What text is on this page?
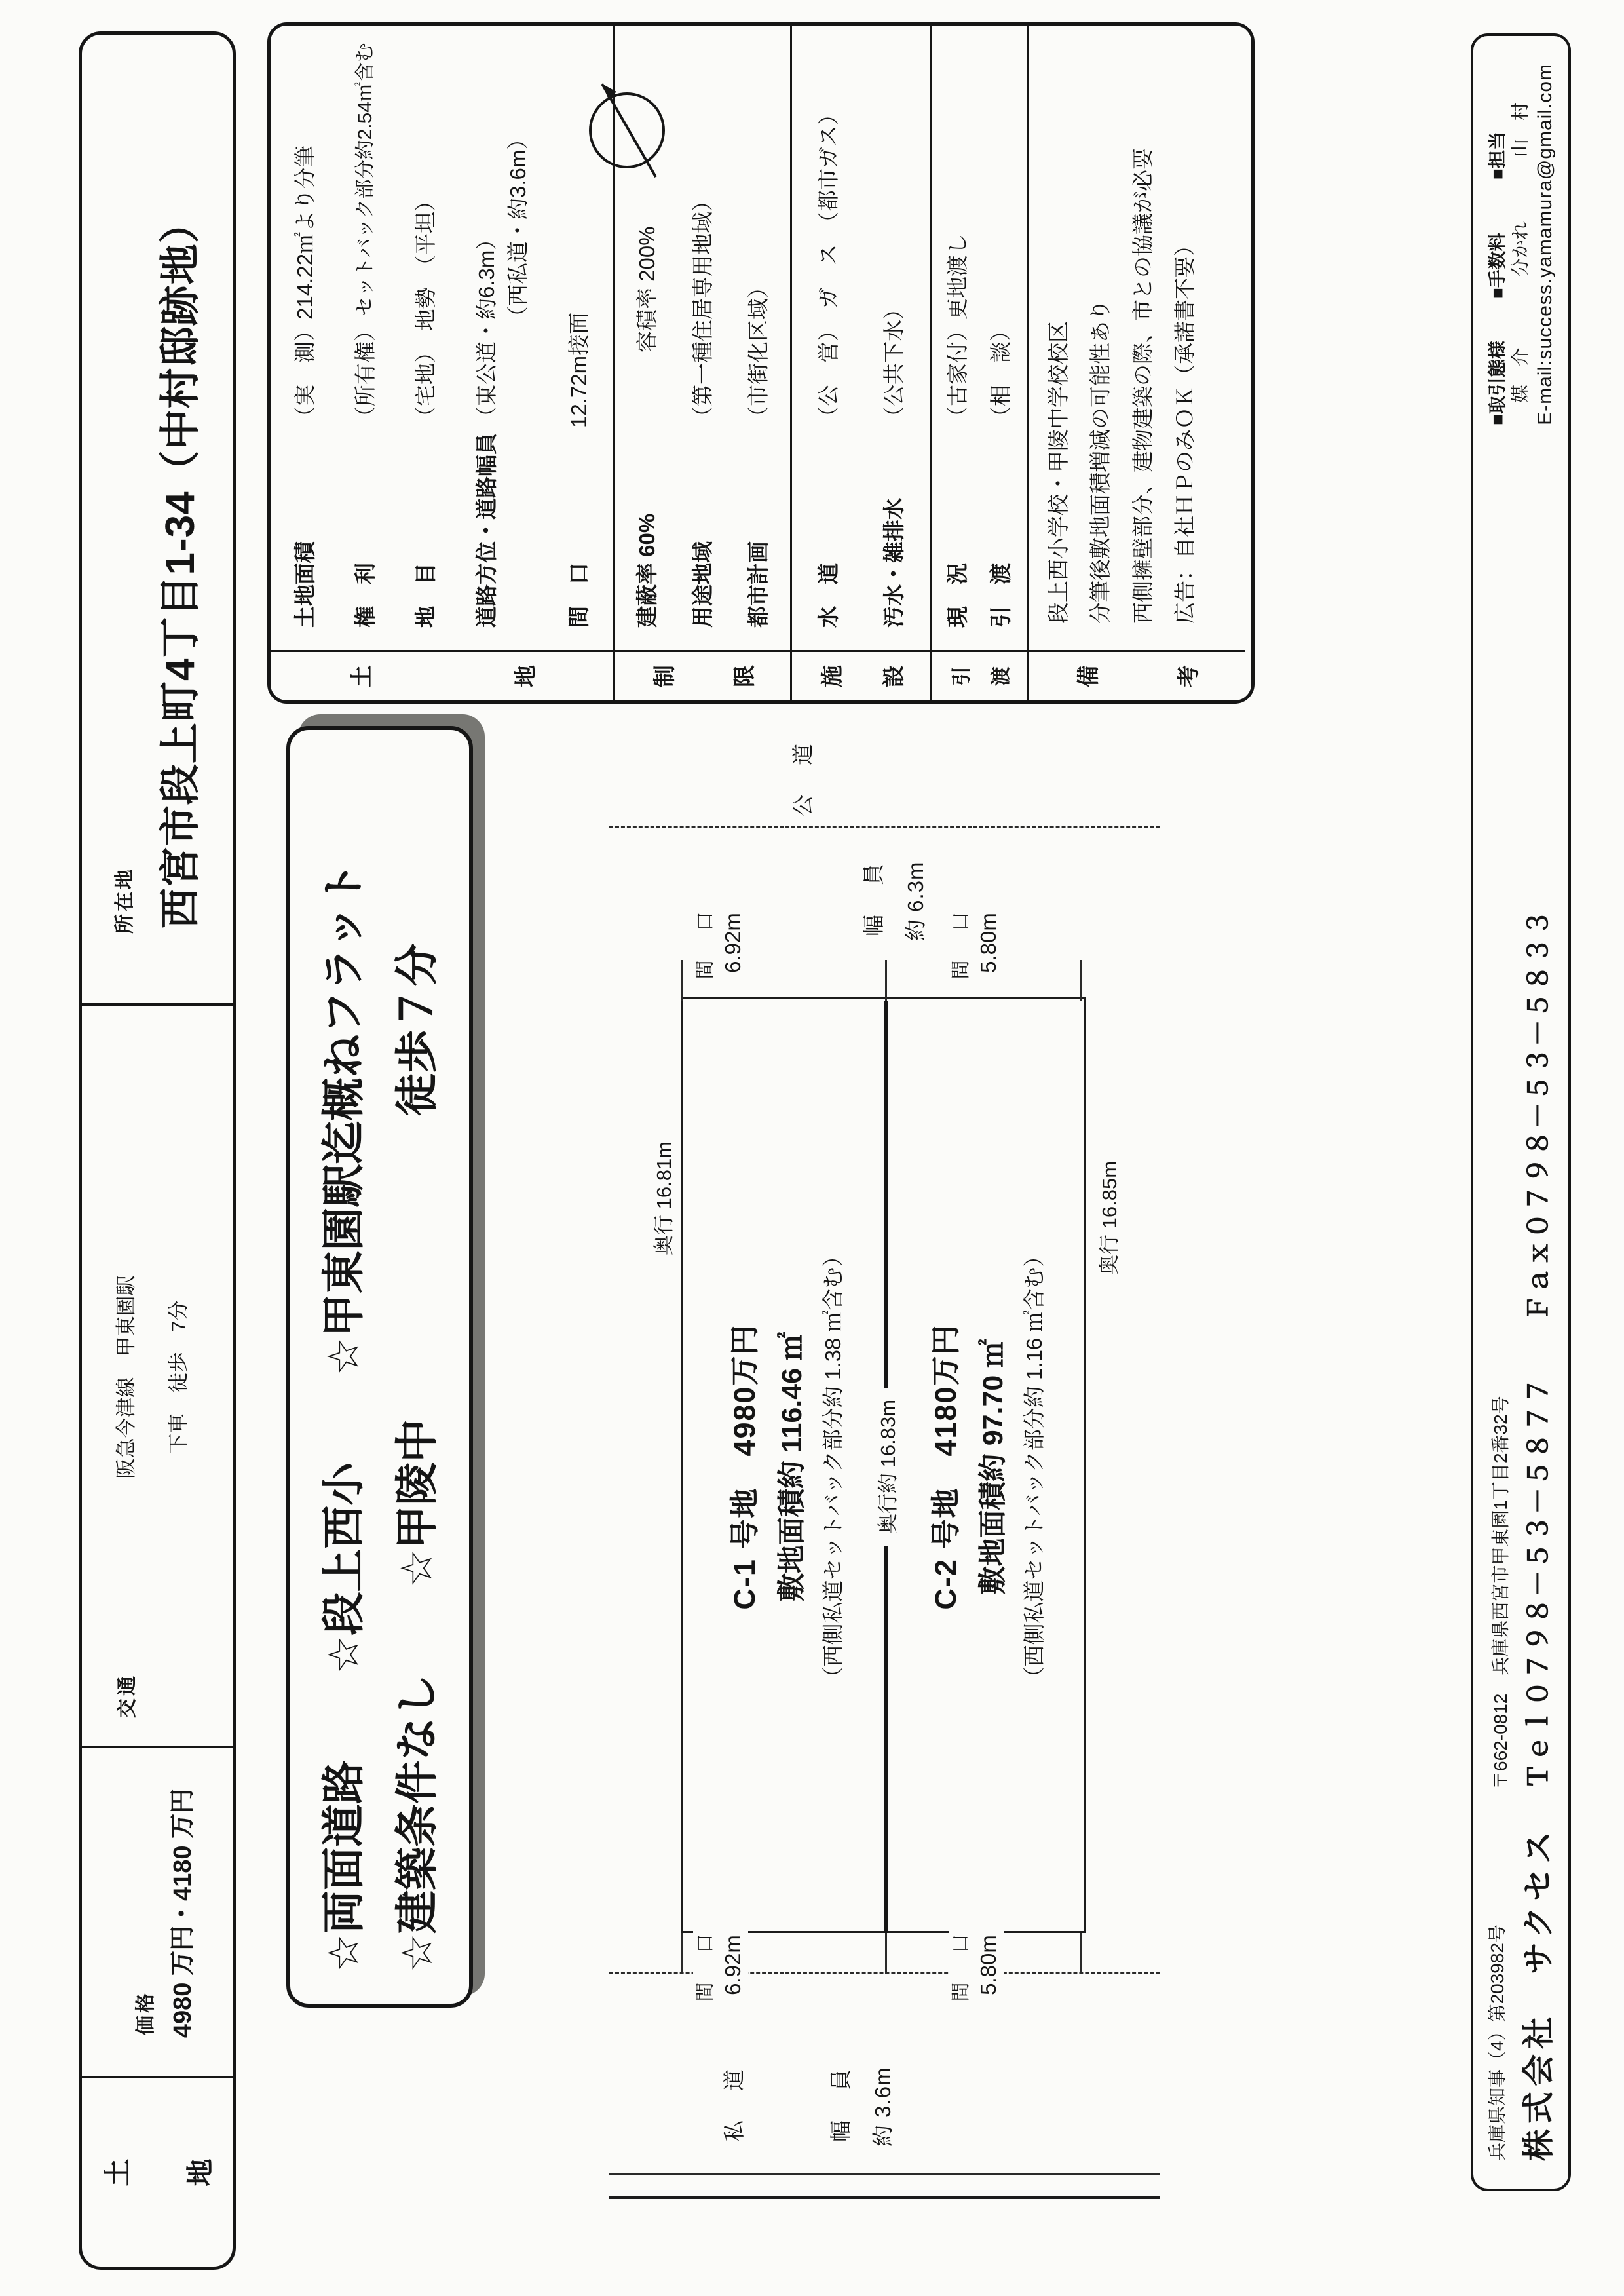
土 地
価格 4980 万円・4180 万円
交通
阪急今津線　甲東園駅 下車　徒歩　7分
所在地 西宮市段上町4丁目1-34（中村邸跡地）
☆両面道路　　☆段上西小　　☆甲東園駅迄概ねフラット ☆建築条件なし　　☆甲陵中　　　　　　　徒歩７分
土	地
土地面積
（実　測）214.22㎡より分筆
権　利
（所有権）
セットバック部分約2.54㎡含む
地　目
（宅地）　地勢　（平坦）
道路方位・道路幅員
（東公道・約6.3m）
（西私道・約3.6m）
間　口
12.72m接面
制 限
建蔽率 60%
容積率 200%
用途地域
（第一種住居専用地域）
都市計画
（市街化区域）
施 設
水　道
（公　営）　ガ　ス　（都市ガス）
汚水・雑排水
（公共下水）
引 渡
現　況
（古家付）更地渡し
引　渡
（相　談）
備	考
段上西小学校・甲陵中学校校区 分筆後敷地面積増減の可能性あり 西側擁壁部分、建物建築の際、市との協議が必要 広告：自社ＨＰのみＯＫ（承諾書不要）
奥行 16.81m
奥行約 16.83m
奥行 16.85m
C-1 号地　4980万円 敷地面積約 116.46 ㎡ （西側私道セットバック部分約 1.38 ㎡含む）	C-2 号地　4180万円 敷地面積約 97.70 ㎡ （西側私道セットバック部分約 1.16 ㎡含む）
間　口 6.92m	間　口 5.80m
間　口 6.92m	間　口 5.80m
私　道	幅　員 約 3.6m
公　道
幅　員 約 6.3m
兵庫県知事（4）第203982号 株式会社　サクセス
〒662-0812　兵庫県西宮市甲東園1丁目2番32号 Ｔｅｌ０７９８－５３－５８７７　　Ｆａｘ０７９８－５３－５８３３
■取引態様 媒　介
■手数料 分かれ
■担当 山　村 E-mail:success.yamamura@gmail.com
